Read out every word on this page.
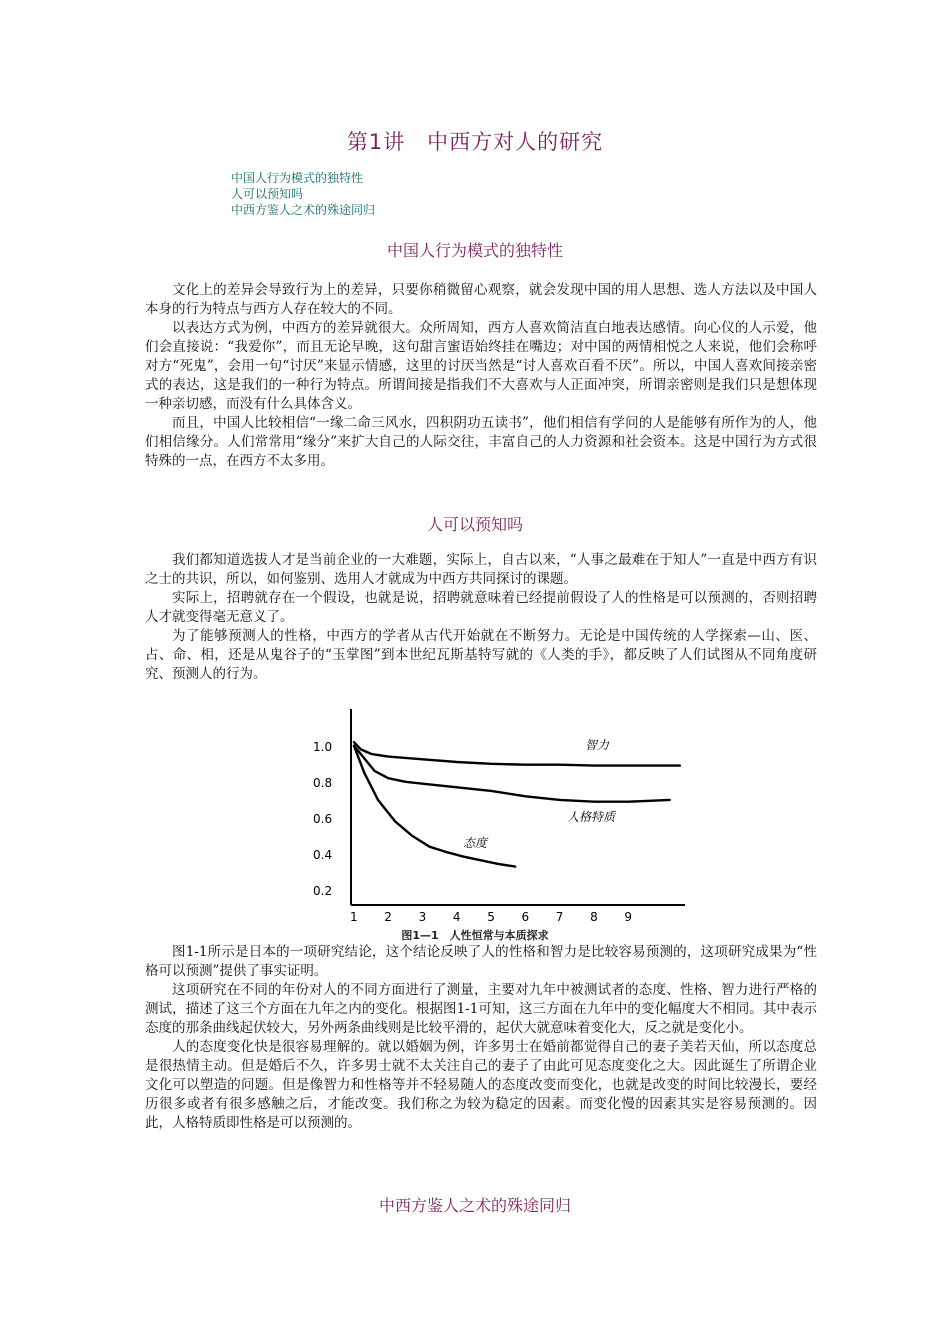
第1讲　中西方对人的研究
中国人行为模式的独特性
人可以预知吗
中西方鉴人之术的殊途同归
中国人行为模式的独特性

文化上的差异会导致行为上的差异，只要你稍微留心观察，就会发现中国的用人思想、选人方法以及中国人本身的行为特点与西方人存在较大的不同。

以表达方式为例，中西方的差异就很大。众所周知，西方人喜欢简洁直白地表达感情。向心仪的人示爱，他们会直接说：“我爱你”，而且无论早晚，这句甜言蜜语始终挂在嘴边；对中国的两情相悦之人来说，他们会称呼对方“死鬼”，会用一句“讨厌”来显示情感，这里的讨厌当然是“讨人喜欢百看不厌”。所以，中国人喜欢间接亲密式的表达，这是我们的一种行为特点。所谓间接是指我们不大喜欢与人正面冲突，所谓亲密则是我们只是想体现一种亲切感，而没有什么具体含义。

而且，中国人比较相信“一缘二命三风水，四积阴功五读书”，他们相信有学问的人是能够有所作为的人，他们相信缘分。人们常常用“缘分”来扩大自己的人际交往，丰富自己的人力资源和社会资本。这是中国行为方式很特殊的一点，在西方不太多用。

人可以预知吗

我们都知道选拔人才是当前企业的一大难题，实际上，自古以来，“人事之最难在于知人”一直是中西方有识之士的共识，所以，如何鉴别、选用人才就成为中西方共同探讨的课题。

实际上，招聘就存在一个假设，也就是说，招聘就意味着已经提前假设了人的性格是可以预测的，否则招聘人才就变得毫无意义了。

为了能够预测人的性格，中西方的学者从古代开始就在不断努力。无论是中国传统的人学探索—山、医、占、命、相，还是从鬼谷子的“玉掌图”到本世纪瓦斯基特写就的《人类的手》，都反映了人们试图从不同角度研究、预测人的行为。

1.0
0.8
0.6
0.4
0.2
1 2 3 4 5 6 7 8 9
智力
人格特质
态度
图1—1　人性恒常与本质探求

图1-1所示是日本的一项研究结论，这个结论反映了人的性格和智力是比较容易预测的，这项研究成果为“性格可以预测”提供了事实证明。

这项研究在不同的年份对人的不同方面进行了测量，主要对九年中被测试者的态度、性格、智力进行严格的测试，描述了这三个方面在九年之内的变化。根据图1-1可知，这三方面在九年中的变化幅度大不相同。其中表示态度的那条曲线起伏较大，另外两条曲线则是比较平滑的，起伏大就意味着变化大，反之就是变化小。

人的态度变化快是很容易理解的。就以婚姻为例，许多男士在婚前都觉得自己的妻子美若天仙，所以态度总是很热情主动。但是婚后不久，许多男士就不太关注自己的妻子了由此可见态度变化之大。因此诞生了所谓企业文化可以塑造的问题。但是像智力和性格等并不轻易随人的态度改变而变化，也就是改变的时间比较漫长，要经历很多或者有很多感触之后，才能改变。我们称之为较为稳定的因素。而变化慢的因素其实是容易预测的。因此，人格特质即性格是可以预测的。

中西方鉴人之术的殊途同归
